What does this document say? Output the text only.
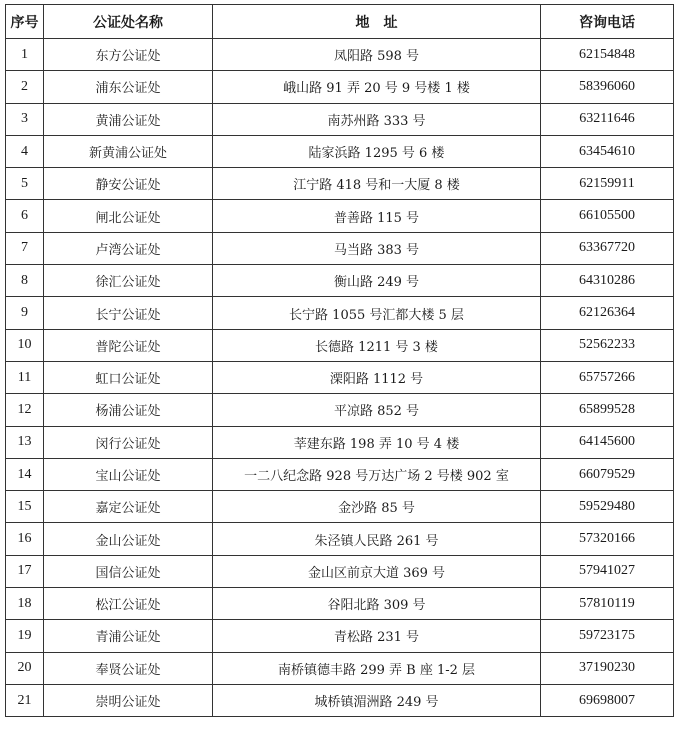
序号	公证处名称	地　址	咨询电话
1	东方公证处	凤阳路 598 号	62154848
2	浦东公证处	峨山路 91 弄 20 号 9 号楼 1 楼	58396060
3	黄浦公证处	南苏州路 333 号	63211646
4	新黄浦公证处	陆家浜路 1295 号 6 楼	63454610
5	静安公证处	江宁路 418 号和一大厦 8 楼	62159911
6	闸北公证处	普善路 115 号	66105500
7	卢湾公证处	马当路 383 号	63367720
8	徐汇公证处	衡山路 249 号	64310286
9	长宁公证处	长宁路 1055 号汇都大楼 5 层	62126364
10	普陀公证处	长德路 1211 号 3 楼	52562233
11	虹口公证处	溧阳路 1112 号	65757266
12	杨浦公证处	平凉路 852 号	65899528
13	闵行公证处	莘建东路 198 弄 10 号 4 楼	64145600
14	宝山公证处	一二八纪念路 928 号万达广场 2 号楼 902 室	66079529
15	嘉定公证处	金沙路 85 号	59529480
16	金山公证处	朱泾镇人民路 261 号	57320166
17	国信公证处	金山区前京大道 369 号	57941027
18	松江公证处	谷阳北路 309 号	57810119
19	青浦公证处	青松路 231 号	59723175
20	奉贤公证处	南桥镇德丰路 299 弄 B 座 1-2 层	37190230
21	崇明公证处	城桥镇湄洲路 249 号	69698007
